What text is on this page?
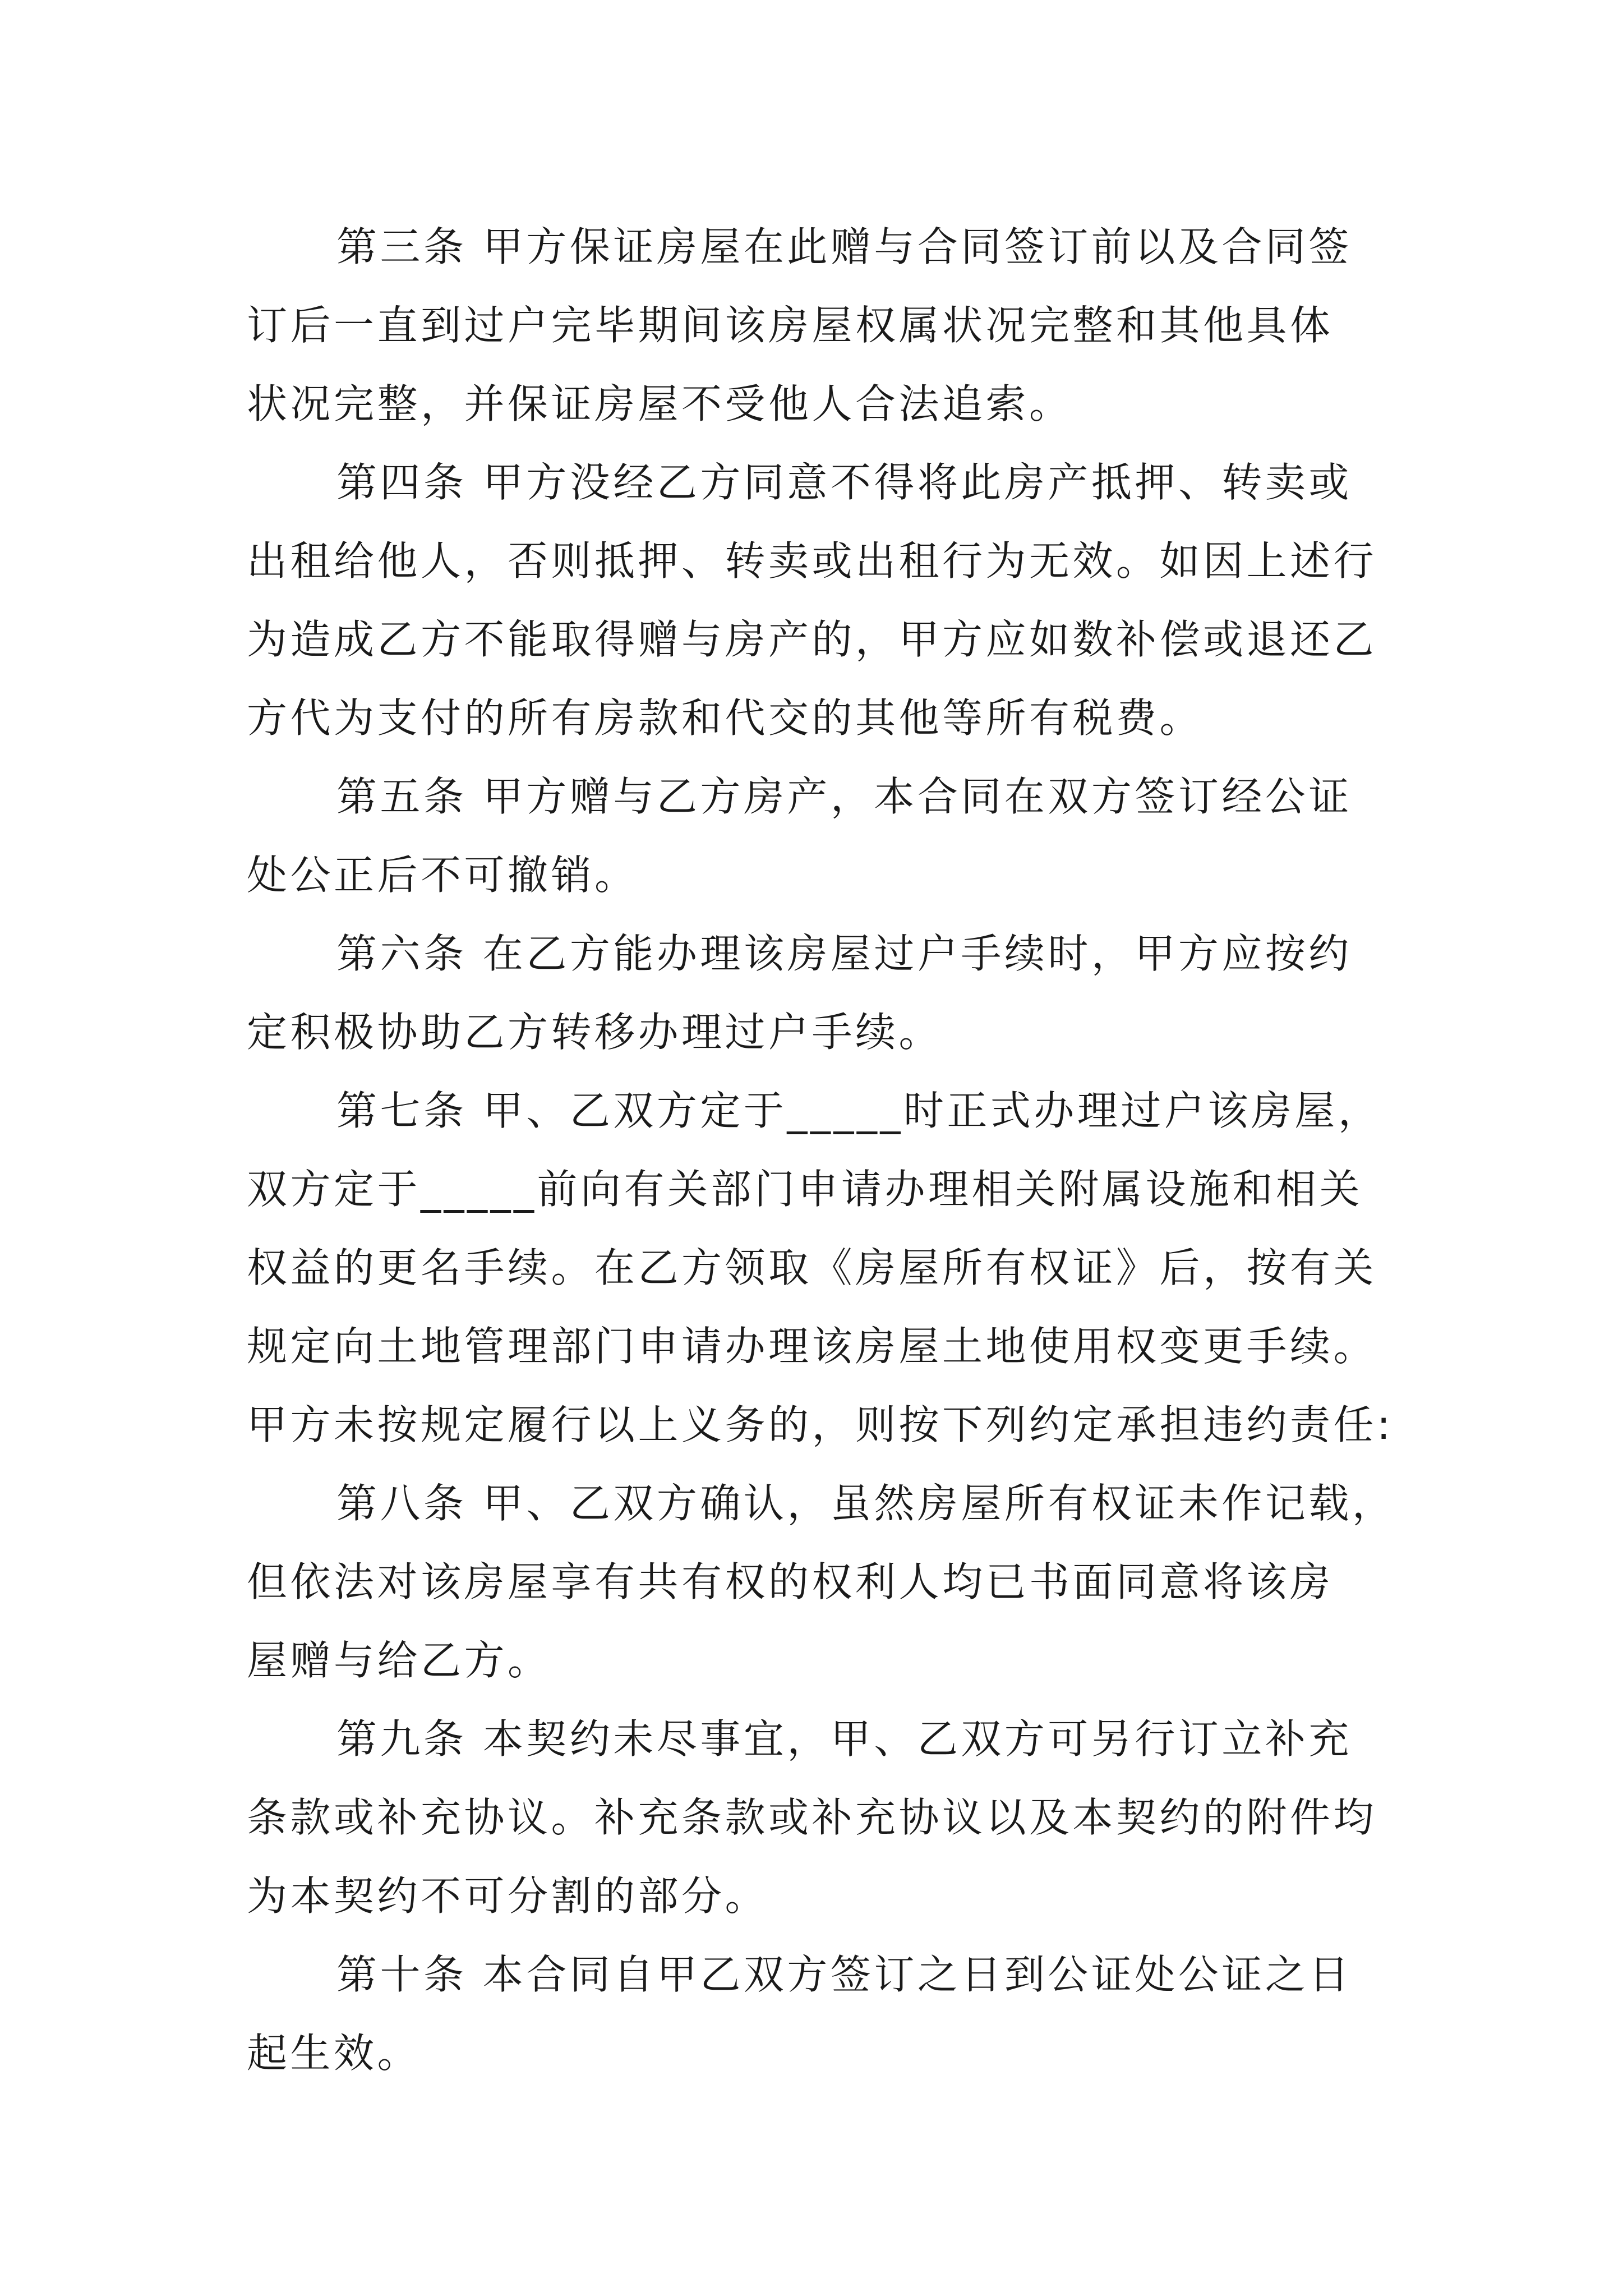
第三条 甲方保证房屋在此赠与合同签订前以及合同签
订后一直到过户完毕期间该房屋权属状况完整和其他具体
状况完整，并保证房屋不受他人合法追索。
第四条 甲方没经乙方同意不得将此房产抵押、转卖或
出租给他人，否则抵押、转卖或出租行为无效。如因上述行
为造成乙方不能取得赠与房产的，甲方应如数补偿或退还乙
方代为支付的所有房款和代交的其他等所有税费。
第五条 甲方赠与乙方房产，本合同在双方签订经公证
处公正后不可撤销。
第六条 在乙方能办理该房屋过户手续时，甲方应按约
定积极协助乙方转移办理过户手续。
第七条 甲、乙双方定于_____时正式办理过户该房屋，
双方定于_____前向有关部门申请办理相关附属设施和相关
权益的更名手续。在乙方领取《房屋所有权证》后，按有关
规定向土地管理部门申请办理该房屋土地使用权变更手续。
甲方未按规定履行以上义务的，则按下列约定承担违约责任:
第八条 甲、乙双方确认，虽然房屋所有权证未作记载，
但依法对该房屋享有共有权的权利人均已书面同意将该房
屋赠与给乙方。
第九条 本契约未尽事宜，甲、乙双方可另行订立补充
条款或补充协议。补充条款或补充协议以及本契约的附件均
为本契约不可分割的部分。
第十条 本合同自甲乙双方签订之日到公证处公证之日
起生效。
